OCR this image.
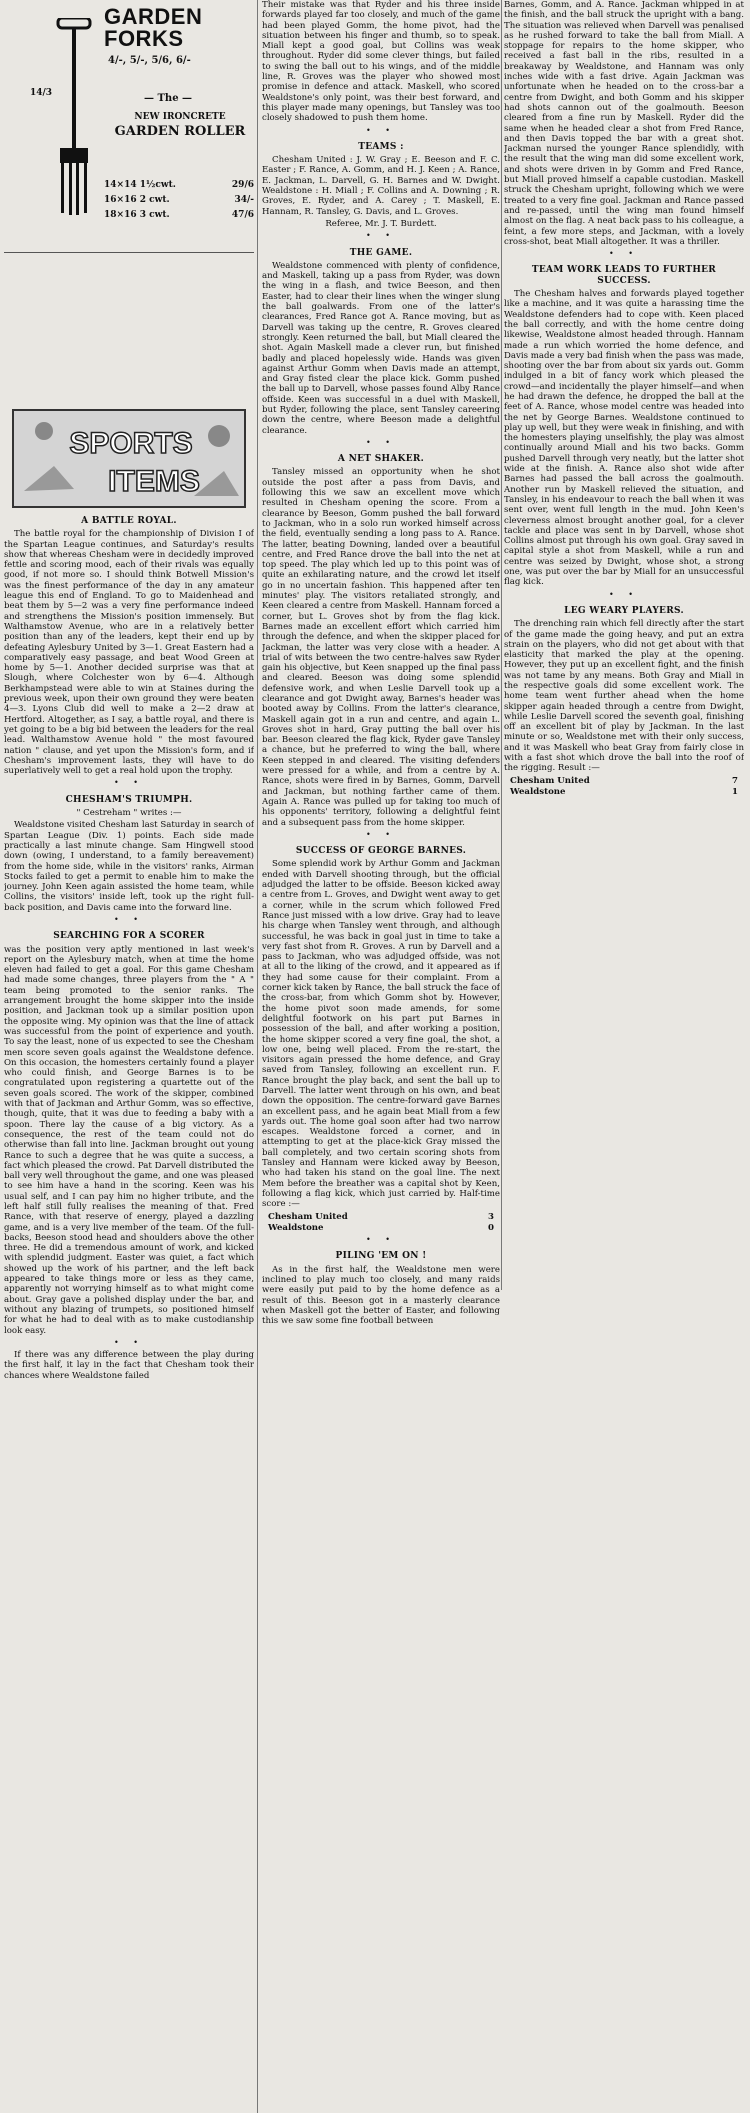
14/3
GARDEN
FORKS
4/-, 5/-, 5/6, 6/-
— The —
NEW IRONCRETE
GARDEN ROLLER
14×14 1½cwt.	29/6
16×16 2 cwt.	34/-
18×16 3 cwt.	47/6
SPORTS
ITEMS
A BATTLE ROYAL.

The battle royal for the championship of Division I of the Spartan League continues, and Saturday's results show that whereas Chesham were in decidedly improved fettle and scoring mood, each of their rivals was equally good, if not more so. I should think Botwell Mission's was the finest performance of the day in any amateur league this end of England. To go to Maidenhead and beat them by 5—2 was a very fine performance indeed and strengthens the Mission's position immensely. But Walthamstow Avenue, who are in a relatively better position than any of the leaders, kept their end up by defeating Aylesbury United by 3—1. Great Eastern had a comparatively easy passage, and beat Wood Green at home by 5—1. Another decided surprise was that at Slough, where Colchester won by 6—4. Although Berkhampstead were able to win at Staines during the previous week, upon their own ground they were beaten 4—3. Lyons Club did well to make a 2—2 draw at Hertford. Altogether, as I say, a battle royal, and there is yet going to be a big bid between the leaders for the real lead. Walthamstow Avenue hold " the most favoured nation " clause, and yet upon the Mission's form, and if Chesham's improvement lasts, they will have to do superlatively well to get a real hold upon the trophy.

• •
CHESHAM'S TRIUMPH.

" Cestreham " writes :—

Wealdstone visited Chesham last Saturday in search of Spartan League (Div. 1) points. Each side made practically a last minute change. Sam Hingwell stood down (owing, I understand, to a family bereavement) from the home side, while in the visitors' ranks, Airman Stocks failed to get a permit to enable him to make the journey. John Keen again assisted the home team, while Collins, the visitors' inside left, took up the right full-back position, and Davis came into the forward line.

• •
SEARCHING FOR A SCORER

was the position very aptly mentioned in last week's report on the Aylesbury match, when at time the home eleven had failed to get a goal. For this game Chesham had made some changes, three players from the " A " team being promoted to the senior ranks. The arrangement brought the home skipper into the inside position, and Jackman took up a similar position upon the opposite wing. My opinion was that the line of attack was successful from the point of experience and youth. To say the least, none of us expected to see the Chesham men score seven goals against the Wealdstone defence. On this occasion, the homesters certainly found a player who could finish, and George Barnes is to be congratulated upon registering a quartette out of the seven goals scored. The work of the skipper, combined with that of Jackman and Arthur Gomm, was so effective, though, quite, that it was due to feeding a baby with a spoon. There lay the cause of a big victory. As a consequence, the rest of the team could not do otherwise than fall into line. Jackman brought out young Rance to such a degree that he was quite a success, a fact which pleased the crowd. Pat Darvell distributed the ball very well throughout the game, and one was pleased to see him have a hand in the scoring. Keen was his usual self, and I can pay him no higher tribute, and the left half still fully realises the meaning of that. Fred Rance, with that reserve of energy, played a dazzling game, and is a very live member of the team. Of the full-backs, Beeson stood head and shoulders above the other three. He did a tremendous amount of work, and kicked with splendid judgment. Easter was quiet, a fact which showed up the work of his partner, and the left back appeared to take things more or less as they came, apparently not worrying himself as to what might come about. Gray gave a polished display under the bar, and without any blazing of trumpets, so positioned himself for what he had to deal with as to make custodianship look easy.

• •

If there was any difference between the play during the first half, it lay in the fact that Chesham took their chances where Wealdstone failed

Their mistake was that Ryder and his three inside forwards played far too closely, and much of the game had been played Gomm, the home pivot, had the situation between his finger and thumb, so to speak. Miall kept a good goal, but Collins was weak throughout. Ryder did some clever things, but failed to swing the ball out to his wings, and of the middle line, R. Groves was the player who showed most promise in defence and attack. Maskell, who scored Wealdstone's only point, was their best forward, and this player made many openings, but Tansley was too closely shadowed to push them home.

• •
TEAMS :

Chesham United : J. W. Gray ; E. Beeson and F. C. Easter ; F. Rance, A. Gomm, and H. J. Keen ; A. Rance, E. Jackman, L. Darvell, G. H. Barnes and W. Dwight. Wealdstone : H. Miall ; F. Collins and A. Downing ; R. Groves, E. Ryder, and A. Carey ; T. Maskell, E. Hannam, R. Tansley, G. Davis, and L. Groves.

Referee, Mr. J. T. Burdett.

• •
THE GAME.

Wealdstone commenced with plenty of confidence, and Maskell, taking up a pass from Ryder, was down the wing in a flash, and twice Beeson, and then Easter, had to clear their lines when the winger slung the ball goalwards. From one of the latter's clearances, Fred Rance got A. Rance moving, but as Darvell was taking up the centre, R. Groves cleared strongly. Keen returned the ball, but Miall cleared the shot. Again Maskell made a clever run, but finished badly and placed hopelessly wide. Hands was given against Arthur Gomm when Davis made an attempt, and Gray fisted clear the place kick. Gomm pushed the ball up to Darvell, whose passes found Alby Rance offside. Keen was successful in a duel with Maskell, but Ryder, following the place, sent Tansley careering down the centre, where Beeson made a delightful clearance.

• •
A NET SHAKER.

Tansley missed an opportunity when he shot outside the post after a pass from Davis, and following this we saw an excellent move which resulted in Chesham opening the score. From a clearance by Beeson, Gomm pushed the ball forward to Jackman, who in a solo run worked himself across the field, eventually sending a long pass to A. Rance. The latter, beating Downing, landed over a beautiful centre, and Fred Rance drove the ball into the net at top speed. The play which led up to this point was of quite an exhilarating nature, and the crowd let itself go in no uncertain fashion. This happened after ten minutes' play. The visitors retaliated strongly, and Keen cleared a centre from Maskell. Hannam forced a corner, but L. Groves shot by from the flag kick. Barnes made an excellent effort which carried him through the defence, and when the skipper placed for Jackman, the latter was very close with a header. A trial of wits between the two centre-halves saw Ryder gain his objective, but Keen snapped up the final pass and cleared. Beeson was doing some splendid defensive work, and when Leslie Darvell took up a clearance and got Dwight away, Barnes's header was booted away by Collins. From the latter's clearance, Maskell again got in a run and centre, and again L. Groves shot in hard, Gray putting the ball over his bar. Beeson cleared the flag kick, Ryder gave Tansley a chance, but he preferred to wing the ball, where Keen stepped in and cleared. The visiting defenders were pressed for a while, and from a centre by A. Rance, shots were fired in by Barnes, Gomm, Darvell and Jackman, but nothing farther came of them. Again A. Rance was pulled up for taking too much of his opponents' territory, following a delightful feint and a subsequent pass from the home skipper.

• •
SUCCESS OF GEORGE BARNES.

Some splendid work by Arthur Gomm and Jackman ended with Darvell shooting through, but the official adjudged the latter to be offside. Beeson kicked away a centre from L. Groves, and Dwight went away to get a corner, while in the scrum which followed Fred Rance just missed with a low drive. Gray had to leave his charge when Tansley went through, and although successful, he was back in goal just in time to take a very fast shot from R. Groves. A run by Darvell and a pass to Jackman, who was adjudged offside, was not at all to the liking of the crowd, and it appeared as if they had some cause for their complaint. From a corner kick taken by Rance, the ball struck the face of the cross-bar, from which Gomm shot by. However, the home pivot soon made amends, for some delightful footwork on his part put Barnes in possession of the ball, and after working a position, the home skipper scored a very fine goal, the shot, a low one, being well placed. From the re-start, the visitors again pressed the home defence, and Gray saved from Tansley, following an excellent run. F. Rance brought the play back, and sent the ball up to Darvell. The latter went through on his own, and beat down the opposition. The centre-forward gave Barnes an excellent pass, and he again beat Miall from a few yards out. The home goal soon after had two narrow escapes. Wealdstone forced a corner, and in attempting to get at the place-kick Gray missed the ball completely, and two certain scoring shots from Tansley and Hannam were kicked away by Beeson, who had taken his stand on the goal line. The next Mem before the breather was a capital shot by Keen, following a flag kick, which just carried by. Half-time score :—

Chesham United	3
Wealdstone	0
• •
PILING 'EM ON !

As in the first half, the Wealdstone men were inclined to play much too closely, and many raids were easily put paid to by the home defence as a result of this. Beeson got in a masterly clearance when Maskell got the better of Easter, and following this we saw some fine football between

Barnes, Gomm, and A. Rance. Jackman whipped in at the finish, and the ball struck the upright with a bang. The situation was relieved when Darvell was penalised as he rushed forward to take the ball from Miall. A stoppage for repairs to the home skipper, who received a fast ball in the ribs, resulted in a breakaway by Wealdstone, and Hannam was only inches wide with a fast drive. Again Jackman was unfortunate when he headed on to the cross-bar a centre from Dwight, and both Gomm and his skipper had shots cannon out of the goalmouth. Beeson cleared from a fine run by Maskell. Ryder did the same when he headed clear a shot from Fred Rance, and then Davis topped the bar with a great shot. Jackman nursed the younger Rance splendidly, with the result that the wing man did some excellent work, and shots were driven in by Gomm and Fred Rance, but Miall proved himself a capable custodian. Maskell struck the Chesham upright, following which we were treated to a very fine goal. Jackman and Rance passed and re-passed, until the wing man found himself almost on the flag. A neat back pass to his colleague, a feint, a few more steps, and Jackman, with a lovely cross-shot, beat Miall altogether. It was a thriller.

• •
TEAM WORK LEADS TO FURTHER SUCCESS.

The Chesham halves and forwards played together like a machine, and it was quite a harassing time the Wealdstone defenders had to cope with. Keen placed the ball correctly, and with the home centre doing likewise, Wealdstone almost headed through. Hannam made a run which worried the home defence, and Davis made a very bad finish when the pass was made, shooting over the bar from about six yards out. Gomm indulged in a bit of fancy work which pleased the crowd—and incidentally the player himself—and when he had drawn the defence, he dropped the ball at the feet of A. Rance, whose model centre was headed into the net by George Barnes. Wealdstone continued to play up well, but they were weak in finishing, and with the homesters playing unselfishly, the play was almost continually around Miall and his two backs. Gomm pushed Darvell through very neatly, but the latter shot wide at the finish. A. Rance also shot wide after Barnes had passed the ball across the goalmouth. Another run by Maskell relieved the situation, and Tansley, in his endeavour to reach the ball when it was sent over, went full length in the mud. John Keen's cleverness almost brought another goal, for a clever tackle and place was sent in by Darvell, whose shot Collins almost put through his own goal. Gray saved in capital style a shot from Maskell, while a run and centre was seized by Dwight, whose shot, a strong one, was put over the bar by Miall for an unsuccessful flag kick.

• •
LEG WEARY PLAYERS.

The drenching rain which fell directly after the start of the game made the going heavy, and put an extra strain on the players, who did not get about with that elasticity that marked the play at the opening. However, they put up an excellent fight, and the finish was not tame by any means. Both Gray and Miall in the respective goals did some excellent work. The home team went further ahead when the home skipper again headed through a centre from Dwight, while Leslie Darvell scored the seventh goal, finishing off an excellent bit of play by Jackman. In the last minute or so, Wealdstone met with their only success, and it was Maskell who beat Gray from fairly close in with a fast shot which drove the ball into the roof of the rigging. Result :—

Chesham United	7
Wealdstone	1
